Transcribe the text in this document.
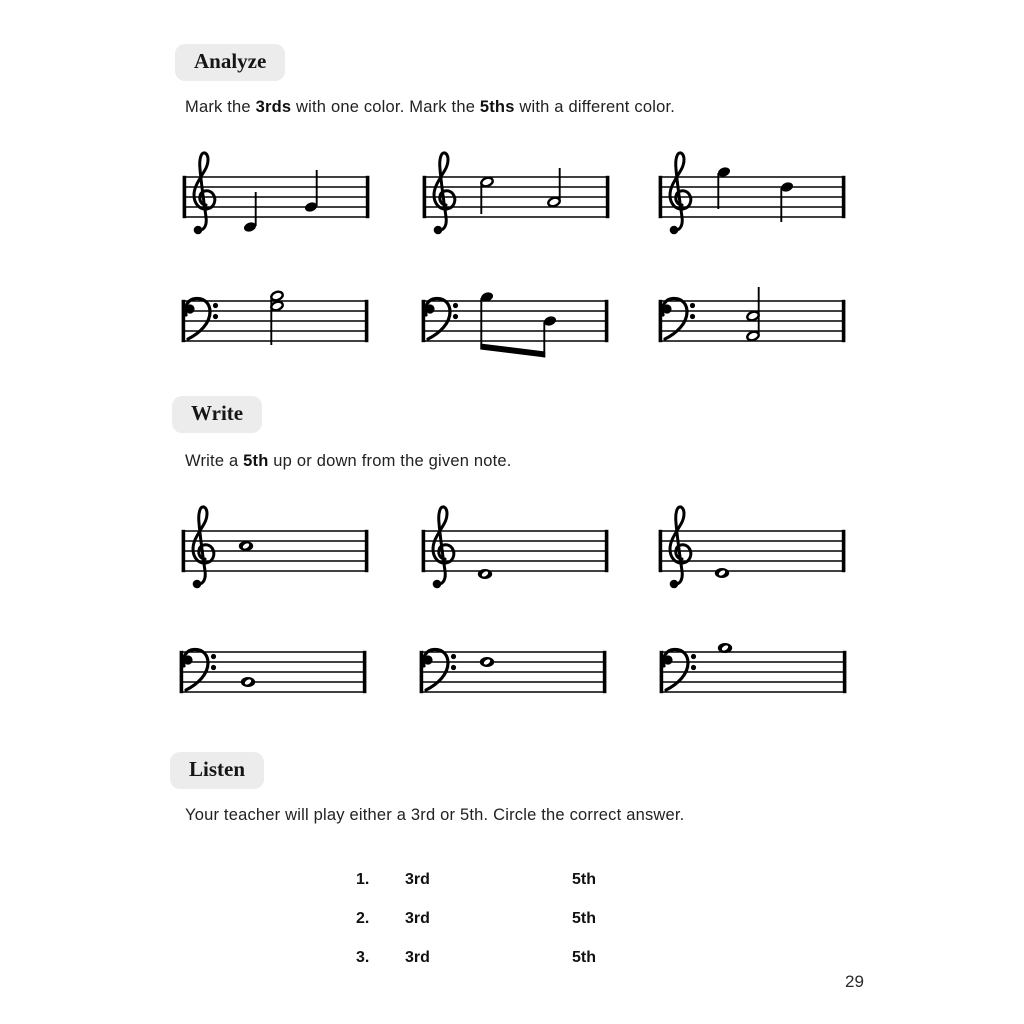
Analyze

Mark the 3rds with one color. Mark the 5ths with a different color.

Write

Write a 5th up or down from the given note.

Listen

Your teacher will play either a 3rd or 5th. Circle the correct answer.

1. 3rd	5th
2. 3rd	5th
3. 3rd	5th
29
